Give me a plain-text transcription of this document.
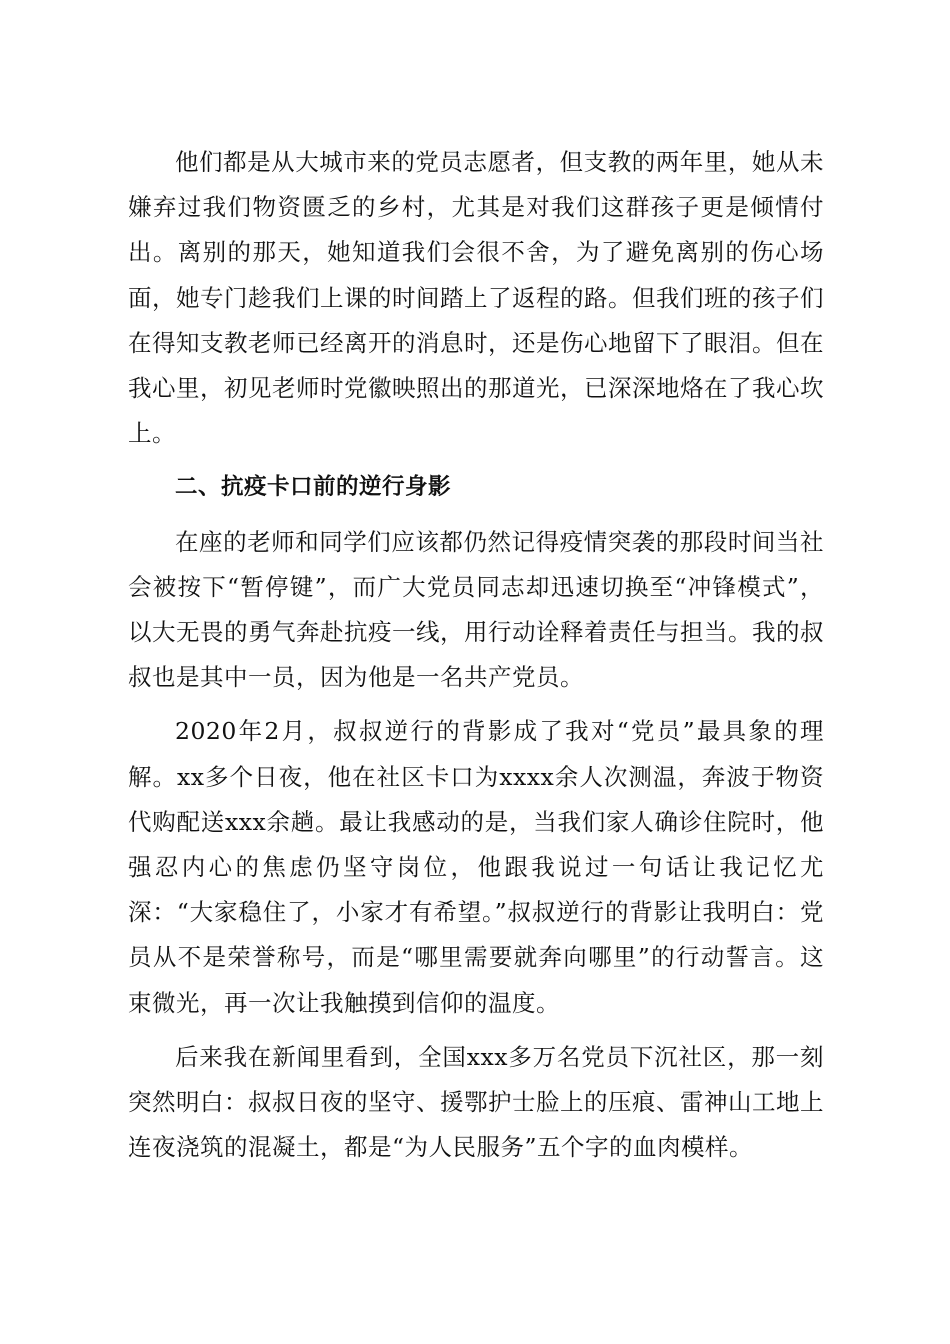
他们都是从大城市来的党员志愿者，但支教的两年里，她从未嫌弃过我们物资匮乏的乡村，尤其是对我们这群孩子更是倾情付出。离别的那天，她知道我们会很不舍，为了避免离别的伤心场面，她专门趁我们上课的时间踏上了返程的路。但我们班的孩子们在得知支教老师已经离开的消息时，还是伤心地留下了眼泪。但在我心里，初见老师时党徽映照出的那道光，已深深地烙在了我心坎上。

二、抗疫卡口前的逆行身影

在座的老师和同学们应该都仍然记得疫情突袭的那段时间当社会被按下“暂停键”，而广大党员同志却迅速切换至“冲锋模式”，以大无畏的勇气奔赴抗疫一线，用行动诠释着责任与担当。我的叔叔也是其中一员，因为他是一名共产党员。

2020年2月，叔叔逆行的背影成了我对“党员”最具象的理解。xx多个日夜，他在社区卡口为xxxx余人次测温，奔波于物资代购配送xxx余趟。最让我感动的是，当我们家人确诊住院时，他强忍内心的焦虑仍坚守岗位，他跟我说过一句话让我记忆尤深：“大家稳住了，小家才有希望。”叔叔逆行的背影让我明白：党员从不是荣誉称号，而是“哪里需要就奔向哪里”的行动誓言。这束微光，再一次让我触摸到信仰的温度。

后来我在新闻里看到，全国xxx多万名党员下沉社区，那一刻突然明白：叔叔日夜的坚守、援鄂护士脸上的压痕、雷神山工地上连夜浇筑的混凝土，都是“为人民服务”五个字的血肉模样。
